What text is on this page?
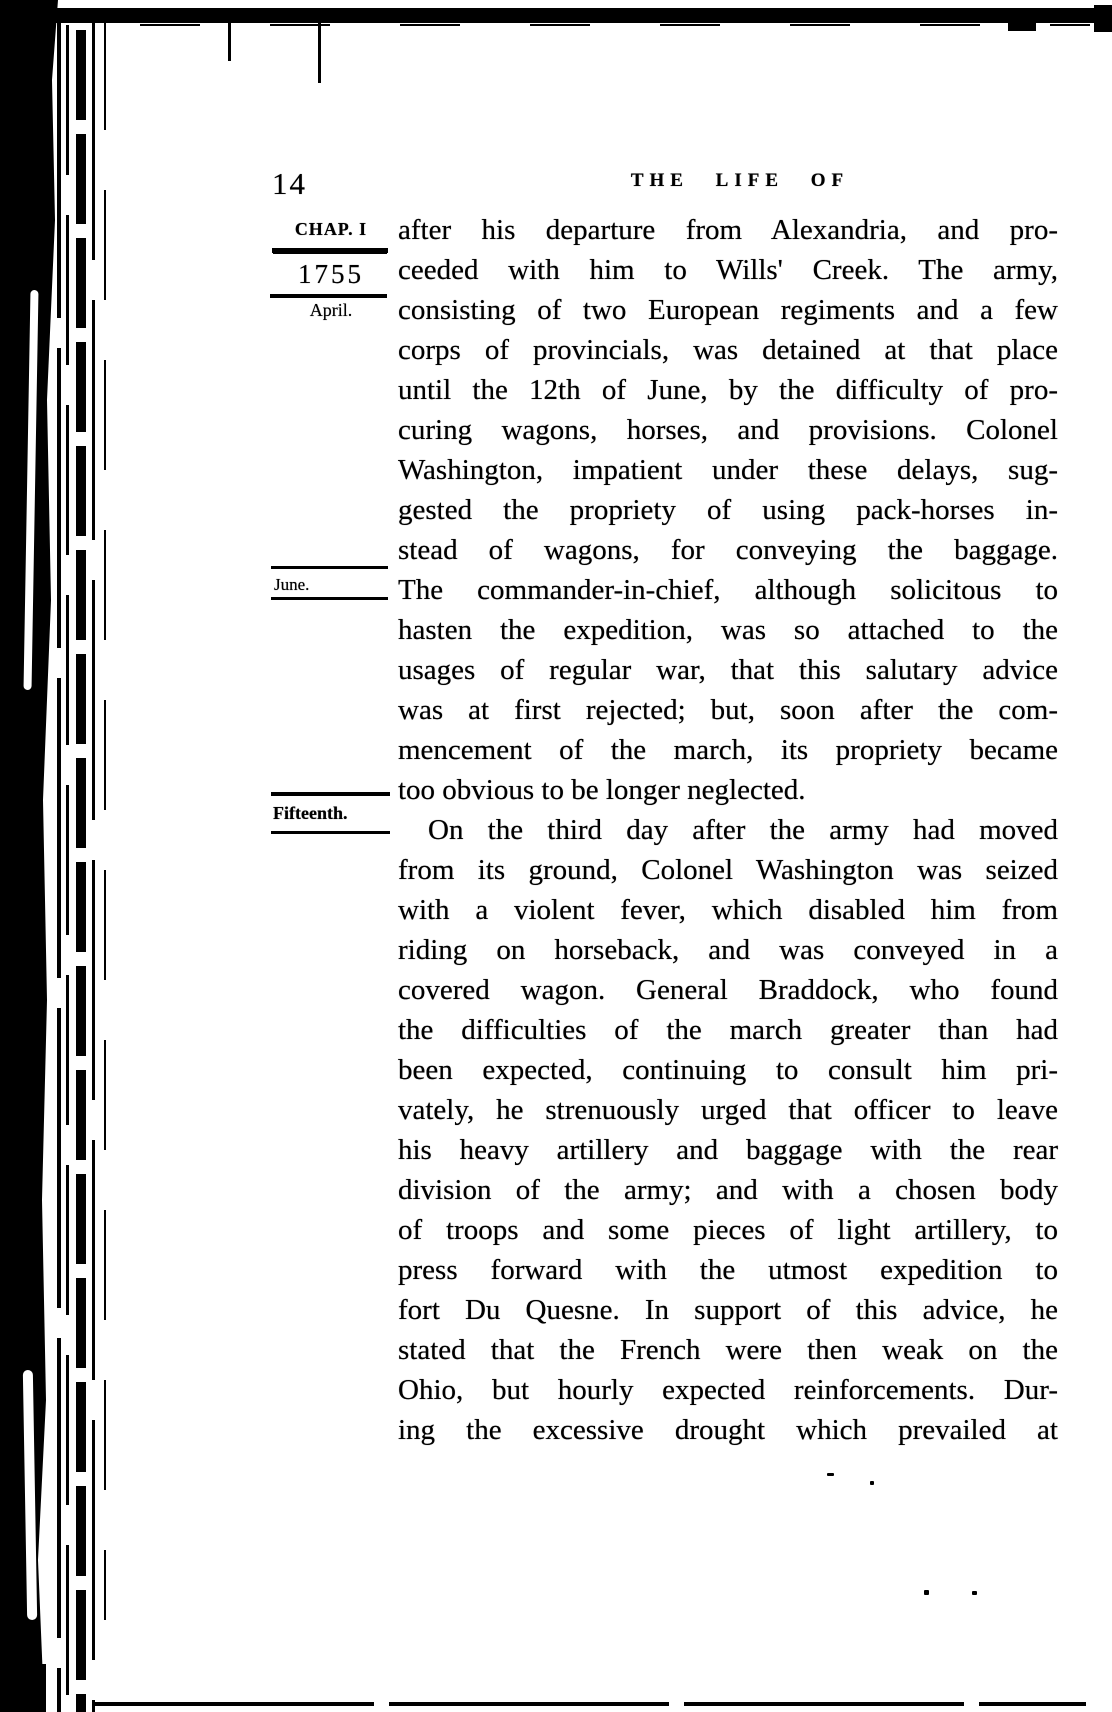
14	THE LIFE OF
CHAP. I
1755
April.
June.
Fifteenth.
after his departure from Alexandria, and pro-
ceeded with him to Wills' Creek. The army,
consisting of two European regiments and a few
corps of provincials, was detained at that place
until the 12th of June, by the difficulty of pro-
curing wagons, horses, and provisions. Colonel
Washington, impatient under these delays, sug-
gested the propriety of using pack-horses in-
stead of wagons, for conveying the baggage.
The commander-in-chief, although solicitous to
hasten the expedition, was so attached to the
usages of regular war, that this salutary advice
was at first rejected; but, soon after the com-
mencement of the march, its propriety became
too obvious to be longer neglected.
On the third day after the army had moved
from its ground, Colonel Washington was seized
with a violent fever, which disabled him from
riding on horseback, and was conveyed in a
covered wagon. General Braddock, who found
the difficulties of the march greater than had
been expected, continuing to consult him pri-
vately, he strenuously urged that officer to leave
his heavy artillery and baggage with the rear
division of the army; and with a chosen body
of troops and some pieces of light artillery, to
press forward with the utmost expedition to
fort Du Quesne. In support of this advice, he
stated that the French were then weak on the
Ohio, but hourly expected reinforcements. Dur-
ing the excessive drought which prevailed at
